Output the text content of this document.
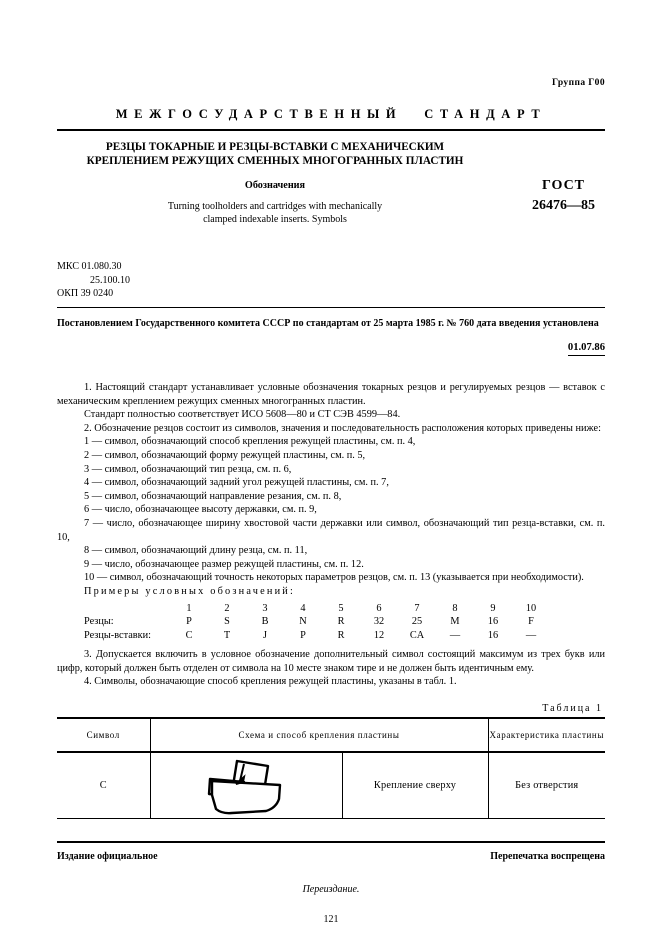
Группа Г00
МЕЖГОСУДАРСТВЕННЫЙ СТАНДАРТ
РЕЗЦЫ ТОКАРНЫЕ И РЕЗЦЫ-ВСТАВКИ С МЕХАНИЧЕСКИМ
КРЕПЛЕНИЕМ РЕЖУЩИХ СМЕННЫХ МНОГОГРАННЫХ ПЛАСТИН
Обозначения
Turning toolholders and cartridges with mechanically
clamped indexable inserts. Symbols
ГОСТ
26476—85
МКС 01.080.30
25.100.10
ОКП 39 0240
Постановлением Государственного комитета СССР по стандартам от 25 марта 1985 г. № 760 дата введения установлена
01.07.86

1. Настоящий стандарт устанавливает условные обозначения токарных резцов и регулируемых резцов — вставок с механическим креплением режущих сменных многогранных пластин.

Стандарт полностью соответствует ИСО 5608—80 и СТ СЭВ 4599—84.

2. Обозначение резцов состоит из символов, значения и последовательность расположения которых приведены ниже:

1 — символ, обозначающий способ крепления режущей пластины, см. п. 4,

2 — символ, обозначающий форму режущей пластины, см. п. 5,

3 — символ, обозначающий тип резца, см. п. 6,

4 — символ, обозначающий задний угол режущей пластины, см. п. 7,

5 — символ, обозначающий направление резания, см. п. 8,

6 — число, обозначающее высоту державки, см. п. 9,

7 — число, обозначающее ширину хвостовой части державки или символ, обозначающий тип резца-вставки, см. п. 10,

8 — символ, обозначающий длину резца, см. п. 11,

9 — число, обозначающее размер режущей пластины, см. п. 12.

10 — символ, обозначающий точность некоторых параметров резцов, см. п. 13 (указывается при необходимости).

Примеры условных обозначений:

1	2	3	4	5	6	7	8	9	10
Резцы:	P	S	B	N	R	32	25	M	16	F
Резцы-вставки:	C	T	J	P	R	12	CA	—	16	—

3. Допускается включить в условное обозначение дополнительный символ состоящий максимум из трех букв или цифр, который должен быть отделен от символа на 10 месте знаком тире и не должен быть идентичным ему.

4. Символы, обозначающие способ крепления режущей пластины, указаны в табл. 1.

Таблица 1
Символ	Схема и способ крепления пластины		Характеристика пластины
C		Крепление сверху	Без отверстия
Издание официальное	Перепечатка воспрещена
Переиздание.
121
